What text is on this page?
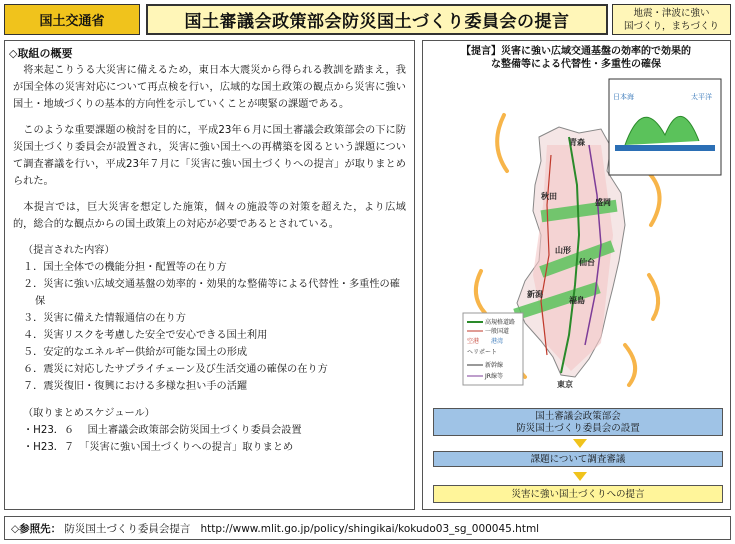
国土交通省	国土審議会政策部会防災国土づくり委員会の提言	地震・津波に強い
国づくり，まちづくり
◇取組の概要

将来起こりうる大災害に備えるため，東日本大震災から得られる教訓を踏まえ，我が国全体の災害対応について再点検を行い，広域的な国土政策の観点から災害に強い国土・地域づくりの基本的方向性を示していくことが喫緊の課題である。

このような重要課題の検討を目的に，平成23年６月に国土審議会政策部会の下に防災国土づくり委員会が設置され，災害に強い国土への再構築を図るという課題について調査審議を行い，平成23年７月に「災害に強い国土づくりへの提言」が取りまとめられた。

本提言では，巨大災害を想定した施策，個々の施設等の対策を超えた，より広域的，総合的な観点からの国土政策上の対応が必要であるとされている。

（提言された内容）
１．国土全体での機能分担・配置等の在り方
２．災害に強い広域交通基盤の効率的・効果的な整備等による代替性・多重性の確保
３．災害に備えた情報通信の在り方
４．災害リスクを考慮した安全で安心できる国土利用
５．安定的なエネルギー供給が可能な国土の形成
６．震災に対応したサプライチェーン及び生活交通の確保の在り方
７．震災復旧・復興における多様な担い手の活躍
（取りまとめスケジュール）
・H23．６　 国土審議会政策部会防災国土づくり委員会設置
・H23．７　「災害に強い国土づくりへの提言」取りまとめ
【提言】災害に強い広域交通基盤の効率的で効果的
な整備等による代替性・多重性の確保
日本海	太平洋
青森
秋田
盛岡
山形
仙台
新潟
福島
東京
高規格道路
一般国道
空港 港湾
ヘリポート
新幹線
JR線等
国土審議会政策部会
防災国土づくり委員会の設置
課題について調査審議
災害に強い国土づくりへの提言
◇参照先： 防災国土づくり委員会提言 http://www.mlit.go.jp/policy/shingikai/kokudo03_sg_000045.html
